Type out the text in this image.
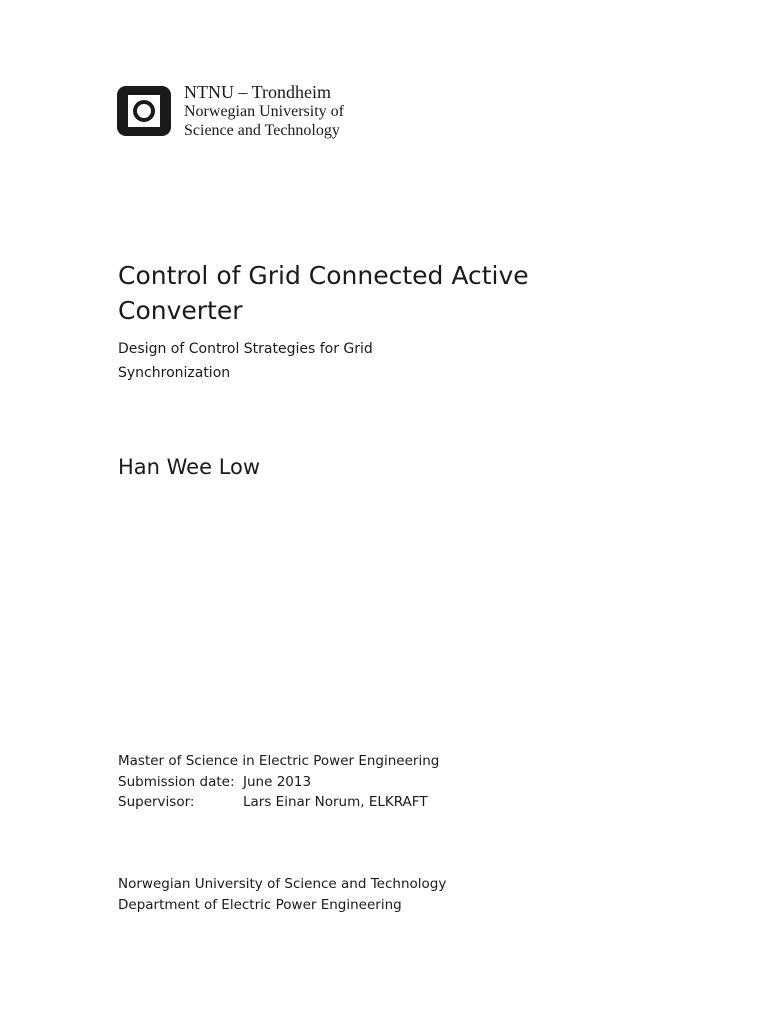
NTNU – Trondheim
Norwegian University of
Science and Technology
Control of Grid Connected Active Converter

Design of Control Strategies for Grid Synchronization

Han Wee Low

Master of Science in Electric Power Engineering
Submission date: June 2013
Supervisor:	Lars Einar Norum, ELKRAFT
Norwegian University of Science and Technology
Department of Electric Power Engineering
